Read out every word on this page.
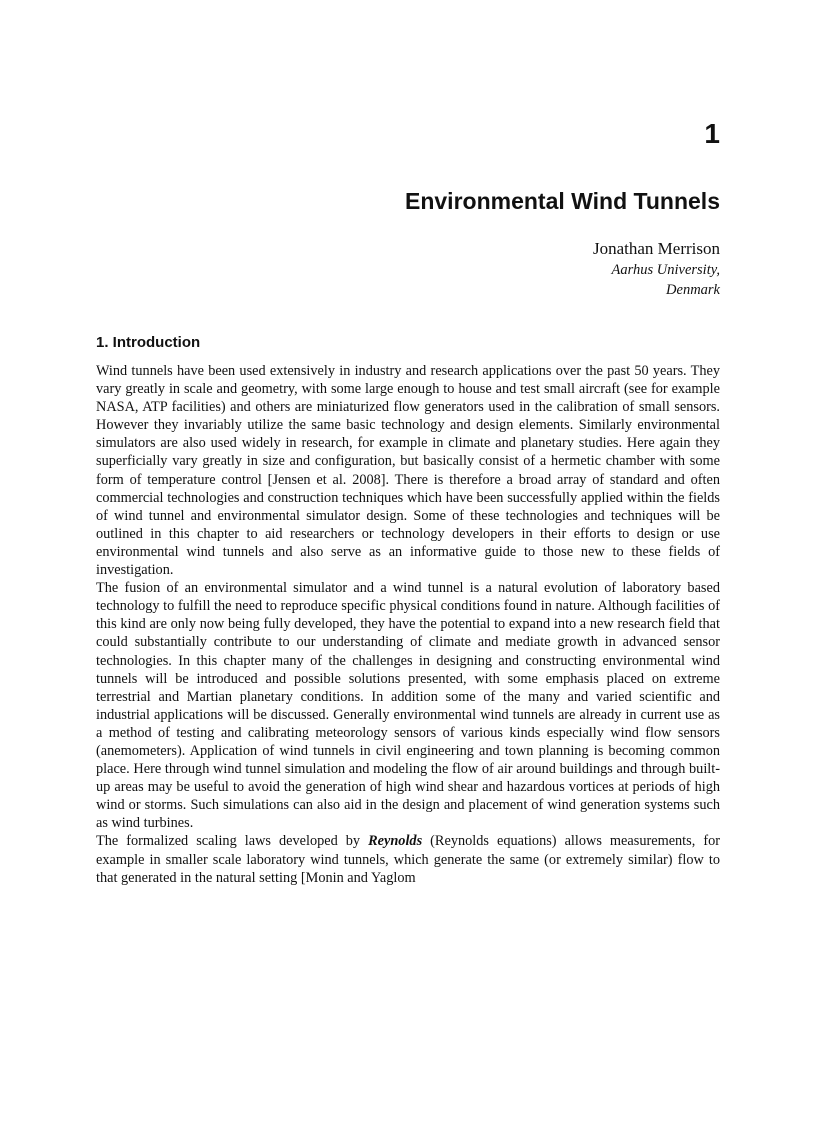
1
Environmental Wind Tunnels
Jonathan Merrison
Aarhus University,
Denmark
1. Introduction

Wind tunnels have been used extensively in industry and research applications over the past 50 years. They vary greatly in scale and geometry, with some large enough to house and test small aircraft (see for example NASA, ATP facilities) and others are miniaturized flow generators used in the calibration of small sensors. However they invariably utilize the same basic technology and design elements. Similarly environmental simulators are also used widely in research, for example in climate and planetary studies. Here again they superficially vary greatly in size and configuration, but basically consist of a hermetic chamber with some form of temperature control [Jensen et al. 2008]. There is therefore a broad array of standard and often commercial technologies and construction techniques which have been successfully applied within the fields of wind tunnel and environmental simulator design. Some of these technologies and techniques will be outlined in this chapter to aid researchers or technology developers in their efforts to design or use environmental wind tunnels and also serve as an informative guide to those new to these fields of investigation.

The fusion of an environmental simulator and a wind tunnel is a natural evolution of laboratory based technology to fulfill the need to reproduce specific physical conditions found in nature. Although facilities of this kind are only now being fully developed, they have the potential to expand into a new research field that could substantially contribute to our understanding of climate and mediate growth in advanced sensor technologies. In this chapter many of the challenges in designing and constructing environmental wind tunnels will be introduced and possible solutions presented, with some emphasis placed on extreme terrestrial and Martian planetary conditions. In addition some of the many and varied scientific and industrial applications will be discussed. Generally environmental wind tunnels are already in current use as a method of testing and calibrating meteorology sensors of various kinds especially wind flow sensors (anemometers). Application of wind tunnels in civil engineering and town planning is becoming common place. Here through wind tunnel simulation and modeling the flow of air around buildings and through built-up areas may be useful to avoid the generation of high wind shear and hazardous vortices at periods of high wind or storms. Such simulations can also aid in the design and placement of wind generation systems such as wind turbines.

The formalized scaling laws developed by Reynolds (Reynolds equations) allows measurements, for example in smaller scale laboratory wind tunnels, which generate the same (or extremely similar) flow to that generated in the natural setting [Monin and Yaglom
